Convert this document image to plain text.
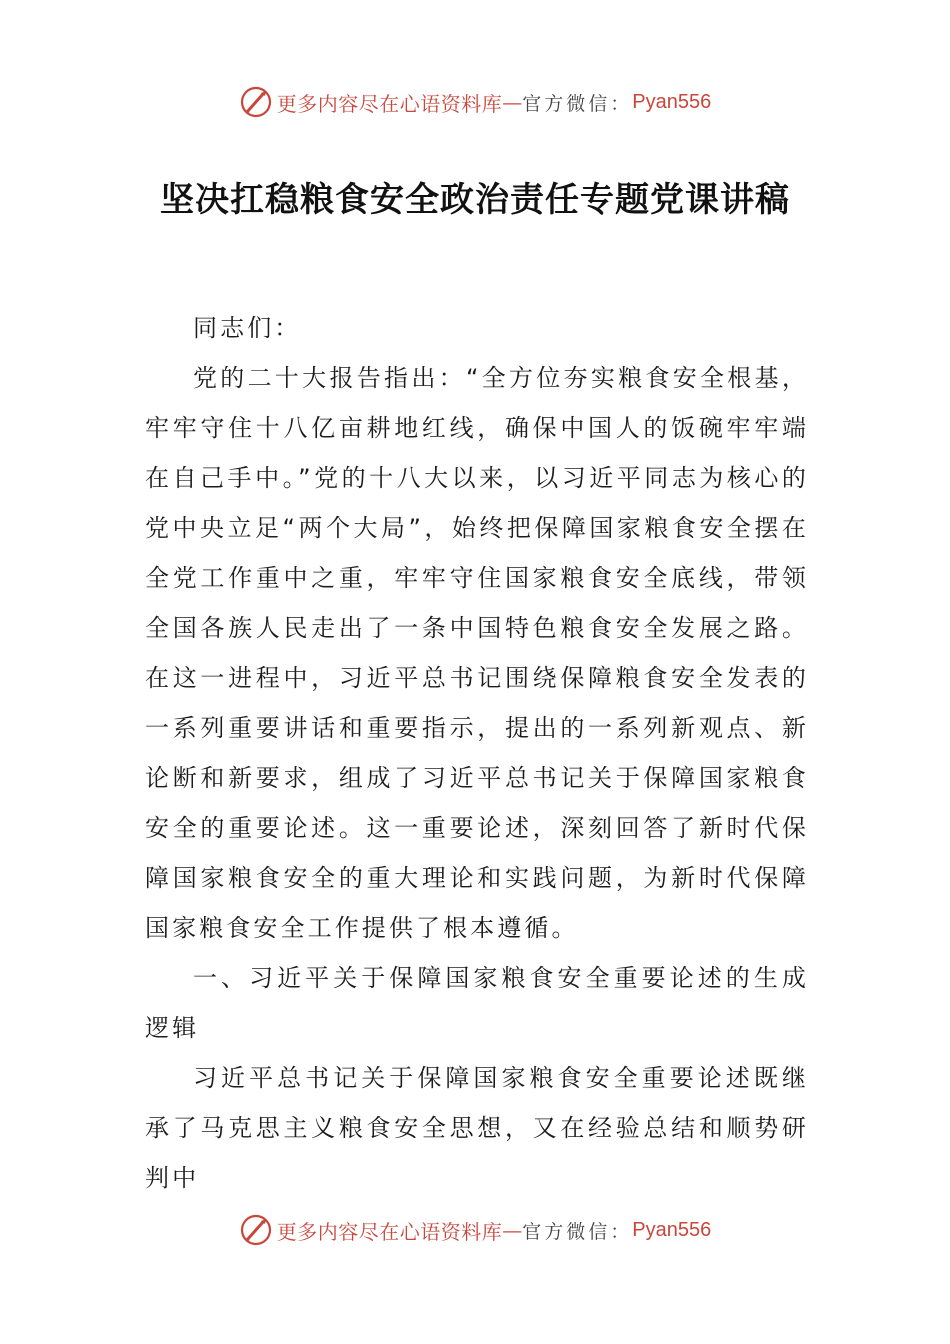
更多内容尽在心语资料库 — 官方微信： Pyan556
坚决扛稳粮食安全政治责任专题党课讲稿

同志们：

党的二十大报告指出：“全方位夯实粮食安全根基，牢牢守住十八亿亩耕地红线，确保中国人的饭碗牢牢端在自己手中。”党的十八大以来，以习近平同志为核心的党中央立足“两个大局”，始终把保障国家粮食安全摆在全党工作重中之重，牢牢守住国家粮食安全底线，带领全国各族人民走出了一条中国特色粮食安全发展之路。在这一进程中，习近平总书记围绕保障粮食安全发表的一系列重要讲话和重要指示，提出的一系列新观点、新论断和新要求，组成了习近平总书记关于保障国家粮食安全的重要论述。这一重要论述，深刻回答了新时代保障国家粮食安全的重大理论和实践问题，为新时代保障国家粮食安全工作提供了根本遵循。

一、习近平关于保障国家粮食安全重要论述的生成逻辑

习近平总书记关于保障国家粮食安全重要论述既继承了马克思主义粮食安全思想，又在经验总结和顺势研判中

更多内容尽在心语资料库 — 官方微信： Pyan556
